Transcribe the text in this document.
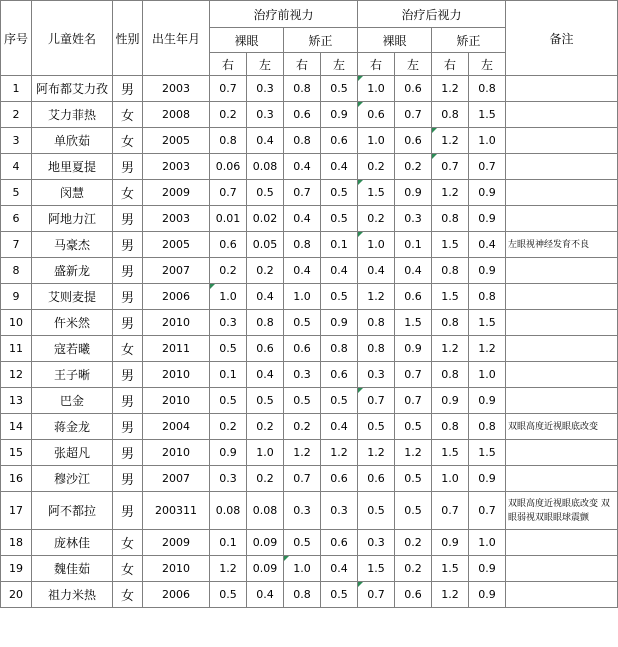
序号	儿童姓名	性别	出生年月	治疗前视力				治疗后视力				备注
				裸眼		矫正		裸眼		矫正		
				右	左	右	左	右	左	右	左	
1	阿布都艾力孜	男	2003	0.7	0.3	0.8	0.5	1.0	0.6	1.2	0.8	
2	艾力菲热	女	2008	0.2	0.3	0.6	0.9	0.6	0.7	0.8	1.5	
3	单欣茹	女	2005	0.8	0.4	0.8	0.6	1.0	0.6	1.2	1.0	
4	地里夏提	男	2003	0.06	0.08	0.4	0.4	0.2	0.2	0.7	0.7	
5	闵慧	女	2009	0.7	0.5	0.7	0.5	1.5	0.9	1.2	0.9	
6	阿地力江	男	2003	0.01	0.02	0.4	0.5	0.2	0.3	0.8	0.9	
7	马豪杰	男	2005	0.6	0.05	0.8	0.1	1.0	0.1	1.5	0.4	左眼视神经发育不良
8	盛新龙	男	2007	0.2	0.2	0.4	0.4	0.4	0.4	0.8	0.9	
9	艾则麦提	男	2006	1.0	0.4	1.0	0.5	1.2	0.6	1.5	0.8	
10	仵米然	男	2010	0.3	0.8	0.5	0.9	0.8	1.5	0.8	1.5	
11	寇若曦	女	2011	0.5	0.6	0.6	0.8	0.8	0.9	1.2	1.2	
12	王子晰	男	2010	0.1	0.4	0.3	0.6	0.3	0.7	0.8	1.0	
13	巴金	男	2010	0.5	0.5	0.5	0.5	0.7	0.7	0.9	0.9	
14	蒋金龙	男	2004	0.2	0.2	0.2	0.4	0.5	0.5	0.8	0.8	双眼高度近视眼底改变
15	张超凡	男	2010	0.9	1.0	1.2	1.2	1.2	1.2	1.5	1.5	
16	穆沙江	男	2007	0.3	0.2	0.7	0.6	0.6	0.5	1.0	0.9	
17	阿不都拉	男	200311	0.08	0.08	0.3	0.3	0.5	0.5	0.7	0.7	双眼高度近视眼底改变 双眼弱视双眼眼球震颤
18	庞林佳	女	2009	0.1	0.09	0.5	0.6	0.3	0.2	0.9	1.0	
19	魏佳茹	女	2010	1.2	0.09	1.0	0.4	1.5	0.2	1.5	0.9	
20	祖力米热	女	2006	0.5	0.4	0.8	0.5	0.7	0.6	1.2	0.9	
